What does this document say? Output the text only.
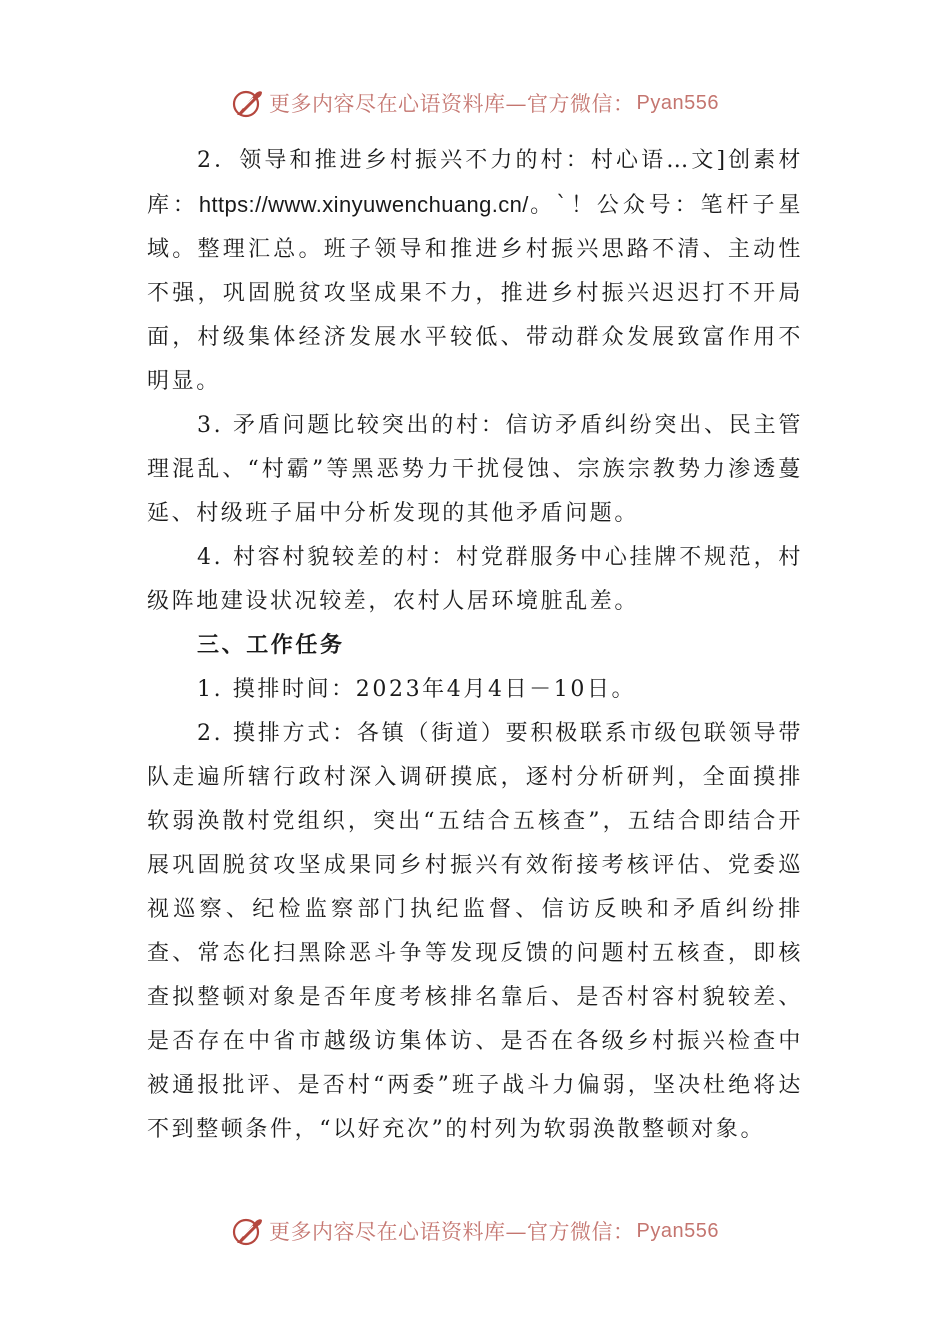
更多内容尽在心语资料库—官方微信： Pyan556

2．领导和推进乡村振兴不力的村：村心语…文]创素材库：https://www.xinyuwenchuang.cn/。`！公众号：笔杆子星域。整理汇总。班子领导和推进乡村振兴思路不清、主动性不强，巩固脱贫攻坚成果不力，推进乡村振兴迟迟打不开局面，村级集体经济发展水平较低、带动群众发展致富作用不明显。

3. 矛盾问题比较突出的村：信访矛盾纠纷突出、民主管理混乱、“村霸”等黑恶势力干扰侵蚀、宗族宗教势力渗透蔓延、村级班子届中分析发现的其他矛盾问题。

4. 村容村貌较差的村：村党群服务中心挂牌不规范，村级阵地建设状况较差，农村人居环境脏乱差。

三、工作任务

1. 摸排时间：2023年4月4日－10日。

2. 摸排方式：各镇（街道）要积极联系市级包联领导带队走遍所辖行政村深入调研摸底，逐村分析研判，全面摸排软弱涣散村党组织，突出“五结合五核查”，五结合即结合开展巩固脱贫攻坚成果同乡村振兴有效衔接考核评估、党委巡视巡察、纪检监察部门执纪监督、信访反映和矛盾纠纷排查、常态化扫黑除恶斗争等发现反馈的问题村五核查，即核查拟整顿对象是否年度考核排名靠后、是否村容村貌较差、是否存在中省市越级访集体访、是否在各级乡村振兴检查中被通报批评、是否村“两委”班子战斗力偏弱，坚决杜绝将达不到整顿条件，“以好充次”的村列为软弱涣散整顿对象。

更多内容尽在心语资料库—官方微信： Pyan556
